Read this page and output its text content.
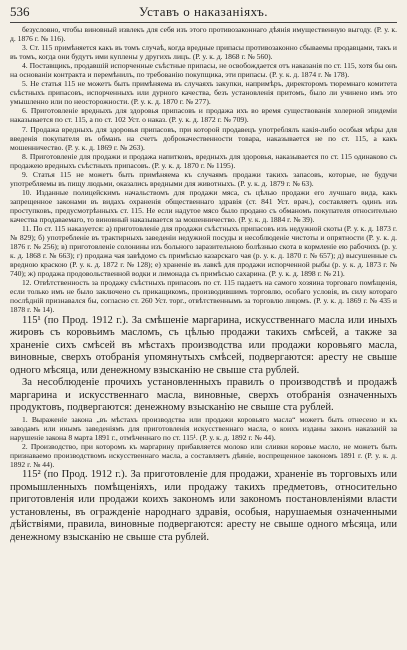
536	Уставъ о наказаніяхъ.

безусловно, чтобы виновный извлекъ для себя изъ этого противозаконнаго дѣянія имущественную выгоду. (Р. у. к. д. 1876 г. № 116).

3. Ст. 115 примѣняется какъ въ томъ случаѣ, когда вредные припасы противозаконно сбываемы продавцами, такъ и въ томъ, когда они будутъ ими куплены у другихъ лицъ. (Р. у. к. д. 1868 г. № 560).

4. Поставщикъ, продавшій испорченные съѣстные припасы, не освобождается отъ наказанія по ст. 115, хотя бы онъ на основаніи контракта и перемѣнилъ, по требованію покупщика, эти припасы. (Р. у. к. д. 1874 г. № 178).

5. Не статья 115 не можетъ быть примѣняема въ случаяхъ закупки, напримѣръ, директоромъ тюремнаго комитета съѣстныхъ припасовъ, испорченныхъ или дурного качества, безъ установленія притомъ, было ли учинено имъ это умышленно или по неосторожности. (Р. у. к. д. 1870 г. № 277).

6. Приготовленіе вредныхъ для здоровья припасовъ и продажа ихъ во время существованія холерной эпидеміи наказывается по ст. 115, а по ст. 102 Уст. о наказ. (Р. у. к. д. 1872 г. № 709).

7. Продажа вредныхъ для здоровья припасовъ, при которой продавецъ употреблялъ какія-либо особыя мѣры для введенія покупателя въ обманъ на счетъ доброкачественности товара, наказывается не по ст. 115, а какъ мошенничество. (Р. у. к. д. 1869 г. № 263).

8. Приготовленіе для продажи и продажа напитковъ, вредныхъ для здоровья, наказывается по ст. 115 одинаково съ продажею вредныхъ съѣстныхъ припасовъ. (Р. у. к. д. 1870 г. № 1195).

9. Статья 115 не можетъ быть примѣняема къ случаямъ продажи такихъ запасовъ, которые, не будучи употребляемы въ пищу людьми, оказались вредными для животныхъ. (Р. у. к. д. 1879 г. № 63).

10. Изданные полицейскимъ начальствомъ для продажи мяса, съ цѣлью продажи его лучшаго вида, какъ запрещенное законами въ видахъ охраненія общественнаго здравія (ст. 841 Уст. врач.), составляетъ одинъ изъ проступковъ, предусмотрѣнныхъ ст. 115. Не если надутое мясо было продано съ обманомъ покупателя относительно качества продаваемаго, то виновный наказывается за мошенничество. (Р. у. к. д. 1884 г. № 39).

11. По ст. 115 наказуется: а) приготовленіе для продажи съѣстныхъ припасовъ изъ недужной скоты (Р. у. к. д. 1873 г. № 829); б) употребленіе въ трактирныхъ заведеніи недужной посуды и несоблюденіе чистоты и опрятности (Р. у. к. д. 1876 г. № 256); в) приготовленіе солонины изъ больного заразительною болѣзнью скота в кормленіе ею рабочихъ (р. у. к. д. 1868 г. № 663); г) продажа чая завѣдомо съ примѣсью казарскаго чая (р. у. к. д. 1870 г. № 657); д) высушенные съ вредною краскою (Р. у. к. д. 1872 г. № 128); е) храненіе въ лавкѣ для продажи испорченной рыбы (р. у. к. д. 1873 г. № 740); ж) продажа продовольственной водки и лимонада съ примѣсью сахарина. (Р. у. к. д. 1898 г. № 21).

12. Отвѣтственность за продажу съѣстныхъ припасовъ по ст. 115 падаетъ на самого хозяина торговаго помѣщенія, если только имъ не было заключено съ прикащикомъ, производившимъ торговлю, особаго условія, въ силу котораго послѣдній признавался бы, согласно ст. 260 Уст. торг., отвѣтственнымъ за торговлю лицомъ. (Р. у. к. д. 1869 г. № 435 и 1878 г. № 14).

115¹ (по Прод. 1912 г.). За смѣшеніе маргарина, искусственнаго масла или иныхъ жировъ съ коровьимъ масломъ, съ цѣлью продажи такихъ смѣсей, а также за храненіе сихъ смѣсей въ мѣстахъ производства или продажи коровьяго масла, виновные, сверхъ отобранія упомянутыхъ смѣсей, подвергаются: аресту не свыше одного мѣсяца, или денежному взысканію не свыше ста рублей.

За несоблюденіе прочихъ установленныхъ правилъ о производствѣ и продажѣ маргарина и искусственнаго масла, виновные, сверхъ отобранія означенныхъ продуктовъ, подвергаются: денежному взысканію не свыше ста рублей.

1. Выраженіе закона „въ мѣстахъ производства или продажи коровьяго масла“ можетъ быть отнесено и къ заводамъ или инымъ заведеніямъ для приготовленія искусственнаго масла, о коихъ изданы законъ наказаній за нарушеніе закона 8 марта 1891 г., отмѣченнаго по ст. 115¹. (Р. у. к. д. 1892 г. № 44).

2. Производство, при которомъ къ маргарину прибавляется молоко или сливки коровье масло, не можетъ быть признаваемо производствомъ искусственнаго масла, а составляетъ дѣяніе, воспрещенное закономъ 1891 г. (Р. у. к. д. 1892 г. № 44).

115² (по Прод. 1912 г.). За приготовленіе для продажи, храненіе въ торговыхъ или промышленныхъ помѣщеніяхъ, или продажу такихъ предметовъ, относительно приготовленія или продажи коихъ закономъ или закономъ постановленіями власти установлены, въ огражденіе народнаго здравія, особыя, нарушаемыя означенными дѣйствіями, правила, виновные подвергаются: аресту не свыше одного мѣсяца, или денежному взысканію не свыше ста рублей.
